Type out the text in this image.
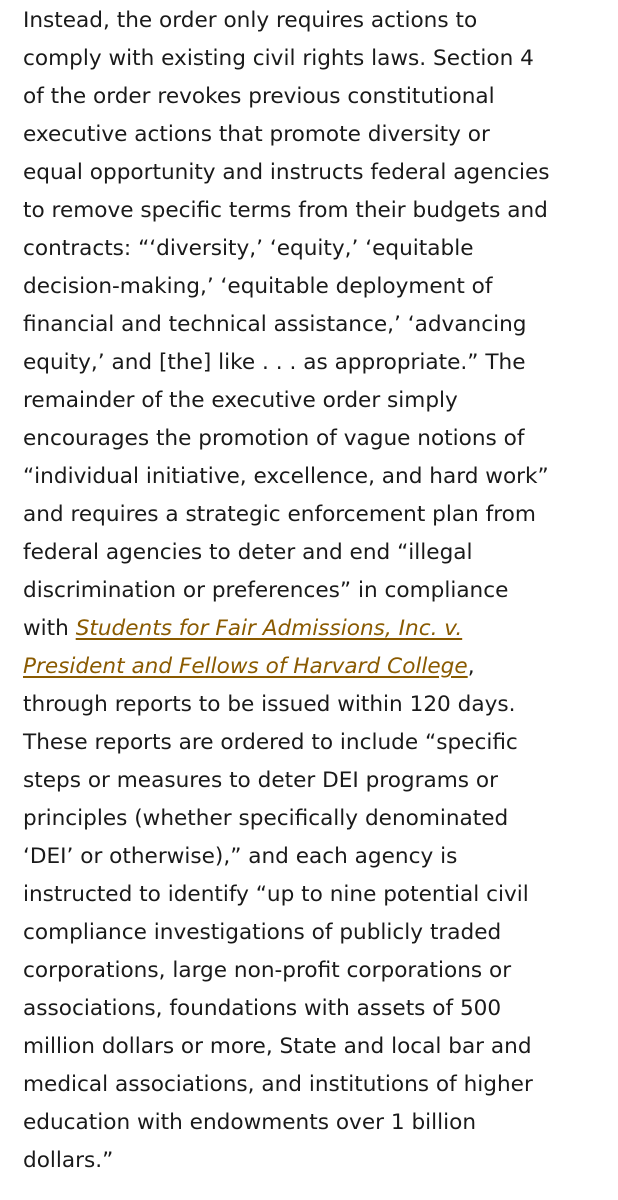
Instead, the order only requires actions to
comply with existing civil rights laws. Section 4
of the order revokes previous constitutional
executive actions that promote diversity or
equal opportunity and instructs federal agencies
to remove specific terms from their budgets and
contracts: “‘diversity,’ ‘equity,’ ‘equitable
decision-making,’ ‘equitable deployment of
financial and technical assistance,’ ‘advancing
equity,’ and [the] like . . . as appropriate.” The
remainder of the executive order simply
encourages the promotion of vague notions of
“individual initiative, excellence, and hard work”
and requires a strategic enforcement plan from
federal agencies to deter and end “illegal
discrimination or preferences” in compliance
with Students for Fair Admissions, Inc. v.
President and Fellows of Harvard College,
through reports to be issued within 120 days.
These reports are ordered to include “specific
steps or measures to deter DEI programs or
principles (whether specifically denominated
‘DEI’ or otherwise),” and each agency is
instructed to identify “up to nine potential civil
compliance investigations of publicly traded
corporations, large non-profit corporations or
associations, foundations with assets of 500
million dollars or more, State and local bar and
medical associations, and institutions of higher
education with endowments over 1 billion
dollars.”
